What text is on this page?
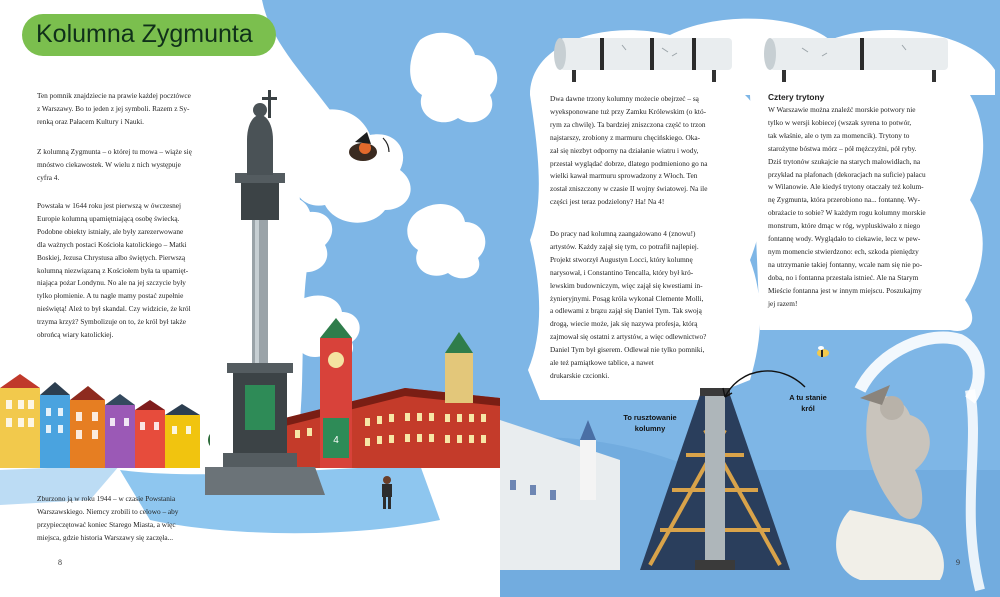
4
Kolumna Zygmunta

Ten pomnik znajdziecie na prawie każdej pocztówce

z Warszawy. Bo to jeden z jej symboli. Razem z Sy-

renką oraz Pałacem Kultury i Nauki.

Z kolumną Zygmunta – o której tu mowa – wiąże się

mnóstwo ciekawostek. W wielu z nich występuje

cyfra 4.

Powstała w 1644 roku jest pierwszą w ówczesnej

Europie kolumną upamiętniającą osobę świecką.

Podobne obiekty istniały, ale były zarezerwowane

dla ważnych postaci Kościoła katolickiego – Matki

Boskiej, Jezusa Chrystusa albo świętych. Pierwszą

kolumną niezwiązaną z Kościołem była ta upamięt-

niająca pożar Londynu. No ale na jej szczycie były

tylko płomienie. A tu nagle mamy postać zupełnie

nieświętą! Ależ to był skandal. Czy widzicie, że król

trzyma krzyż? Symbolizuje on to, że król był także

obrońcą wiary katolickiej.

Zburzono ją w roku 1944 – w czasie Powstania

Warszawskiego. Niemcy zrobili to celowo – aby

przypieczętować koniec Starego Miasta, a więc

miejsca, gdzie historia Warszawy się zaczęła...

8

Dwa dawne trzony kolumny możecie obejrzeć – są

wyeksponowane tuż przy Zamku Królewskim (o któ-

rym za chwilę). Ta bardziej zniszczona część to trzon

najstarszy, zrobiony z marmuru chęcińskiego. Oka-

zał się niezbyt odporny na działanie wiatru i wody,

przestał wyglądać dobrze, dlatego podmieniono go na

wielki kawał marmuru sprowadzony z Włoch. Ten

został zniszczony w czasie II wojny światowej. Na ile

części jest teraz podzielony? Ha! Na 4!

Do pracy nad kolumną zaangażowano 4 (znowu!)

artystów. Każdy zajął się tym, co potrafił najlepiej.

Projekt stworzył Augustyn Locci, który kolumnę

narysował, i Constantino Tencalla, który był kró-

lewskim budowniczym, więc zajął się kwestiami in-

żynieryjnymi. Posąg króla wykonał Clemente Molli,

a odlewami z brązu zajął się Daniel Tym. Tak swoją

drogą, wiecie może, jak się nazywa profesja, którą

zajmował się ostatni z artystów, a więc odlewnictwo?

Daniel Tym był giserem. Odlewał nie tylko pomniki,

ale też pamiątkowe tablice, a nawet

drukarskie czcionki.

Cztery trytony

W Warszawie można znaleźć morskie potwory nie

tylko w wersji kobiecej (wszak syrena to potwór,

tak właśnie, ale o tym za momencik). Trytony to

starożytne bóstwa mórz – pół mężczyźni, pół ryby.

Dziś trytonów szukajcie na starych malowidłach, na

przykład na plafonach (dekoracjach na suficie) pałacu

w Wilanowie. Ale kiedyś trytony otaczały też kolum-

nę Zygmunta, która przerobiono na... fontannę. Wy-

obrażacie to sobie? W każdym rogu kolumny morskie

monstrum, które dmąc w róg, wypluskiwało z niego

fontannę wody. Wyglądało to ciekawie, lecz w pew-

nym momencie stwierdzono: ech, szkoda pieniędzy

na utrzymanie takiej fontanny, wcale nam się nie po-

doba, no i fontanna przestała istnieć. Ale na Starym

Mieście fontanna jest w innym miejscu. Poszukajmy

jej razem!

To rusztowanie
kolumny
A tu stanie
król
9
